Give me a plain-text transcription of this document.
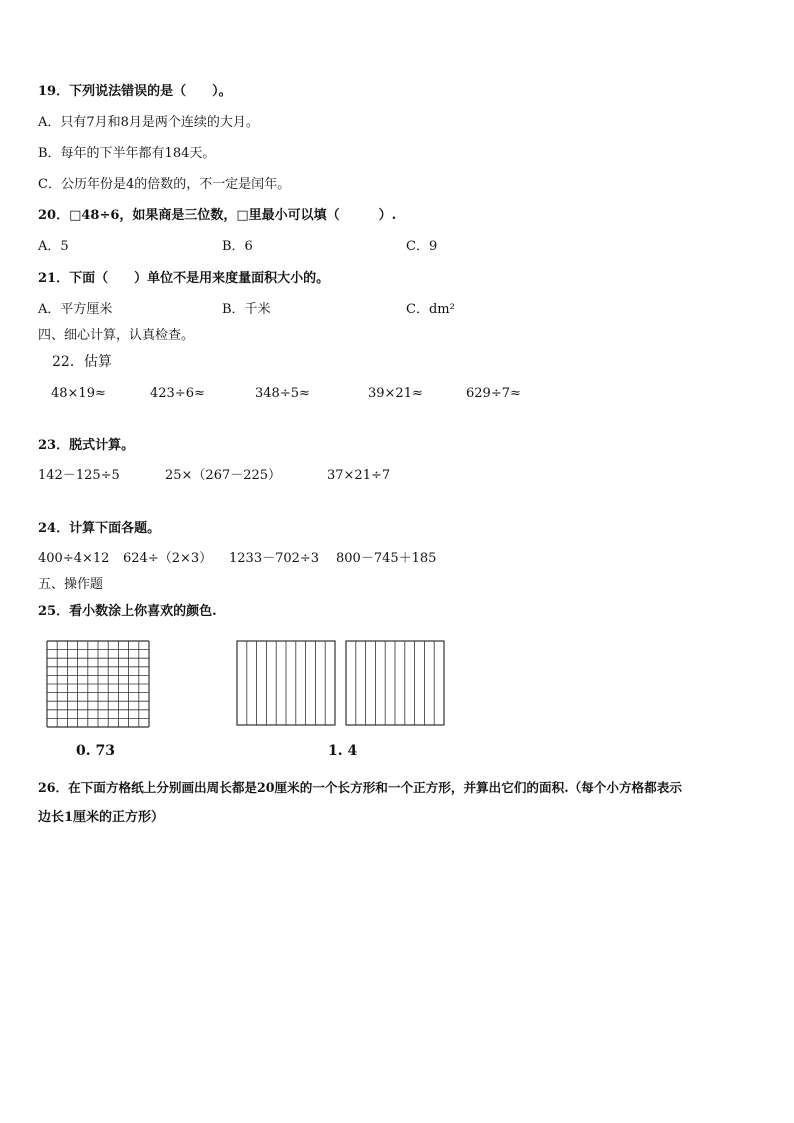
19．下列说法错误的是（　　）。
A．只有7月和8月是两个连续的大月。
B．每年的下半年都有184天。
C．公历年份是4的倍数的，不一定是闰年。
20．□48÷6，如果商是三位数，□里最小可以填（　　　）.
A．5	B．6	C．9
21．下面（　　）单位不是用来度量面积大小的。
A．平方厘米	B．千米	C．dm²
四、细心计算，认真检查。
22．估算
48×19≈	423÷6≈	348÷5≈	39×21≈	629÷7≈
23．脱式计算。
142－125÷5	25×（267－225）	37×21÷7
24．计算下面各题。
400÷4×12 624÷（2×3） 1233－702÷3 800－745＋185
五、操作题
25．看小数涂上你喜欢的颜色.
0. 73	1. 4
26．在下面方格纸上分别画出周长都是20厘米的一个长方形和一个正方形，并算出它们的面积.（每个小方格都表示
边长1厘米的正方形）
